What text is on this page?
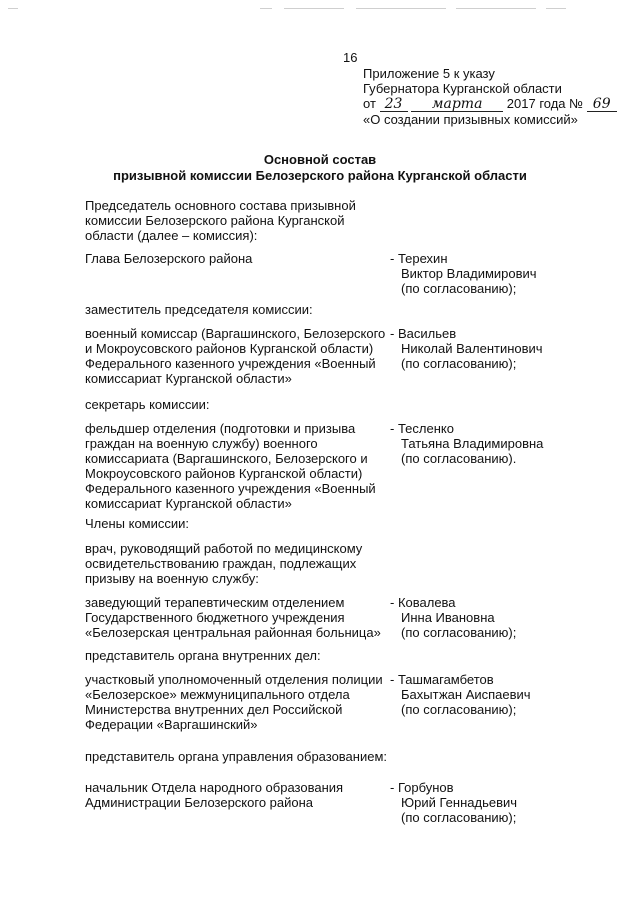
16
Приложение 5 к указу
Губернатора Курганской области
от 23 марта 2017 года № 69
«О создании призывных комиссий»
Основной состав
призывной комиссии Белозерского района Курганской области
Председатель основного состава призывной
комиссии Белозерского района Курганской
области (далее – комиссия):
Глава Белозерского района	- Терехин
Виктор Владимирович
(по согласованию);
заместитель председателя комиссии:
военный комиссар (Варгашинского, Белозерского
и Мокроусовского районов Курганской области)
Федерального казенного учреждения «Военный
комиссариат Курганской области»
- Васильев
Николай Валентинович
(по согласованию);
секретарь комиссии:
фельдшер отделения (подготовки и призыва
граждан на военную службу) военного
комиссариата (Варгашинского, Белозерского и
Мокроусовского районов Курганской области)
Федерального казенного учреждения «Военный
комиссариат Курганской области»
- Тесленко
Татьяна Владимировна
(по согласованию).
Члены комиссии:
врач, руководящий работой по медицинскому
освидетельствованию граждан, подлежащих
призыву на военную службу:
заведующий терапевтическим отделением
Государственного бюджетного учреждения
«Белозерская центральная районная больница»
- Ковалева
Инна Ивановна
(по согласованию);
представитель органа внутренних дел:
участковый уполномоченный отделения полиции
«Белозерское» межмуниципального отдела
Министерства внутренних дел Российской
Федерации «Варгашинский»
- Ташмагамбетов
Бахытжан Аиспаевич
(по согласованию);
представитель органа управления образованием:
начальник Отдела народного образования
Администрации Белозерского района
- Горбунов
Юрий Геннадьевич
(по согласованию);
